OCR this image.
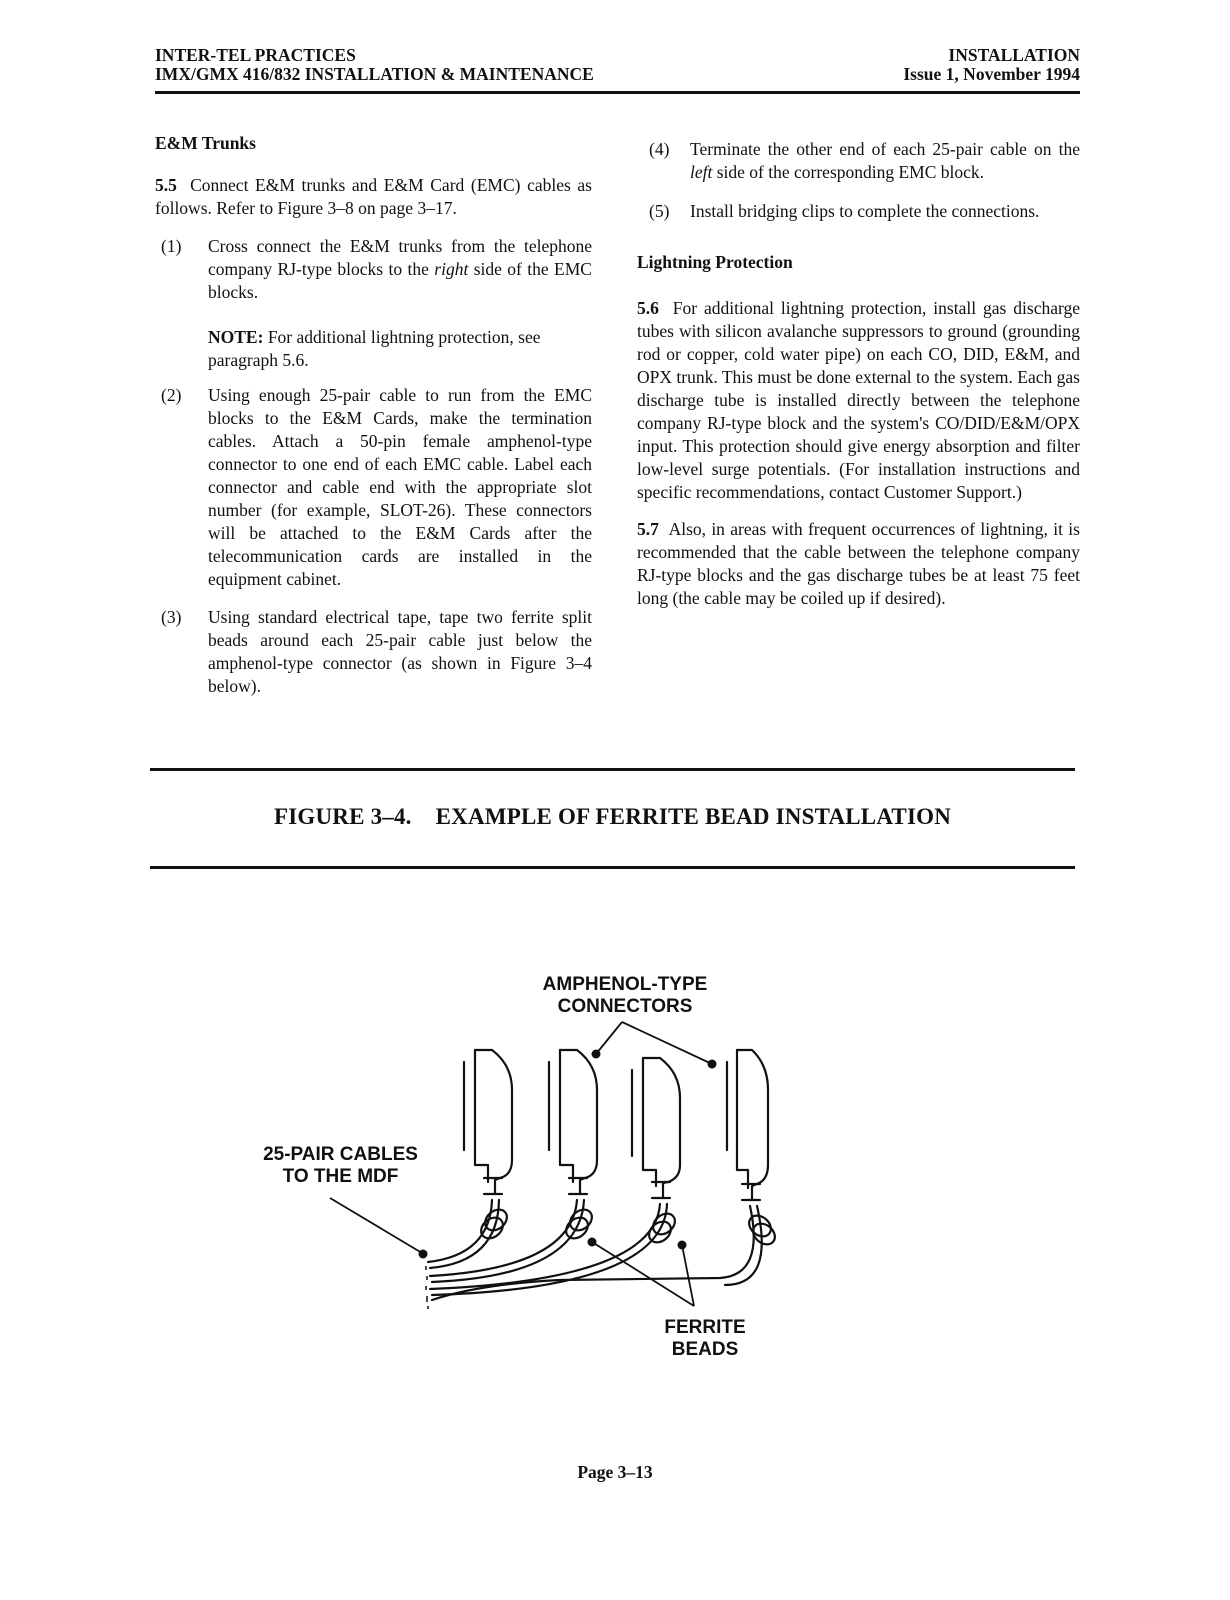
INTER-TEL PRACTICES
IMX/GMX 416/832 INSTALLATION & MAINTENANCE
INSTALLATION
Issue 1, November 1994

E&M Trunks

5.5 Connect E&M trunks and E&M Card (EMC) cables as follows. Refer to Figure 3–8 on page 3–17.

(1)	Cross connect the E&M trunks from the telephone company RJ-type blocks to the right side of the EMC blocks.

NOTE: For additional lightning protection, see paragraph 5.6.

(2)	Using enough 25-pair cable to run from the EMC blocks to the E&M Cards, make the termination cables. Attach a 50-pin female amphenol-type connector to one end of each EMC cable. Label each connector and cable end with the appropriate slot number (for example, SLOT-26). These connectors will be attached to the E&M Cards after the telecommunication cards are installed in the equipment cabinet.
(3)	Using standard electrical tape, tape two ferrite split beads around each 25-pair cable just below the amphenol-type connector (as shown in Figure 3–4 below).
(4)	Terminate the other end of each 25-pair cable on the left side of the corresponding EMC block.
(5)	Install bridging clips to complete the connections.

Lightning Protection

5.6 For additional lightning protection, install gas discharge tubes with silicon avalanche suppressors to ground (grounding rod or copper, cold water pipe) on each CO, DID, E&M, and OPX trunk. This must be done external to the system. Each gas discharge tube is installed directly between the telephone company RJ-type block and the system's CO/DID/E&M/OPX input. This protection should give energy absorption and filter low-level surge potentials. (For installation instructions and specific recommendations, contact Customer Support.)

5.7 Also, in areas with frequent occurrences of lightning, it is recommended that the cable between the telephone company RJ-type blocks and the gas discharge tubes be at least 75 feet long (the cable may be coiled up if desired).

FIGURE 3–4. EXAMPLE OF FERRITE BEAD INSTALLATION
AMPHENOL-TYPE
CONNECTORS
25-PAIR CABLES
TO THE MDF
FERRITE
BEADS
Page 3–13
